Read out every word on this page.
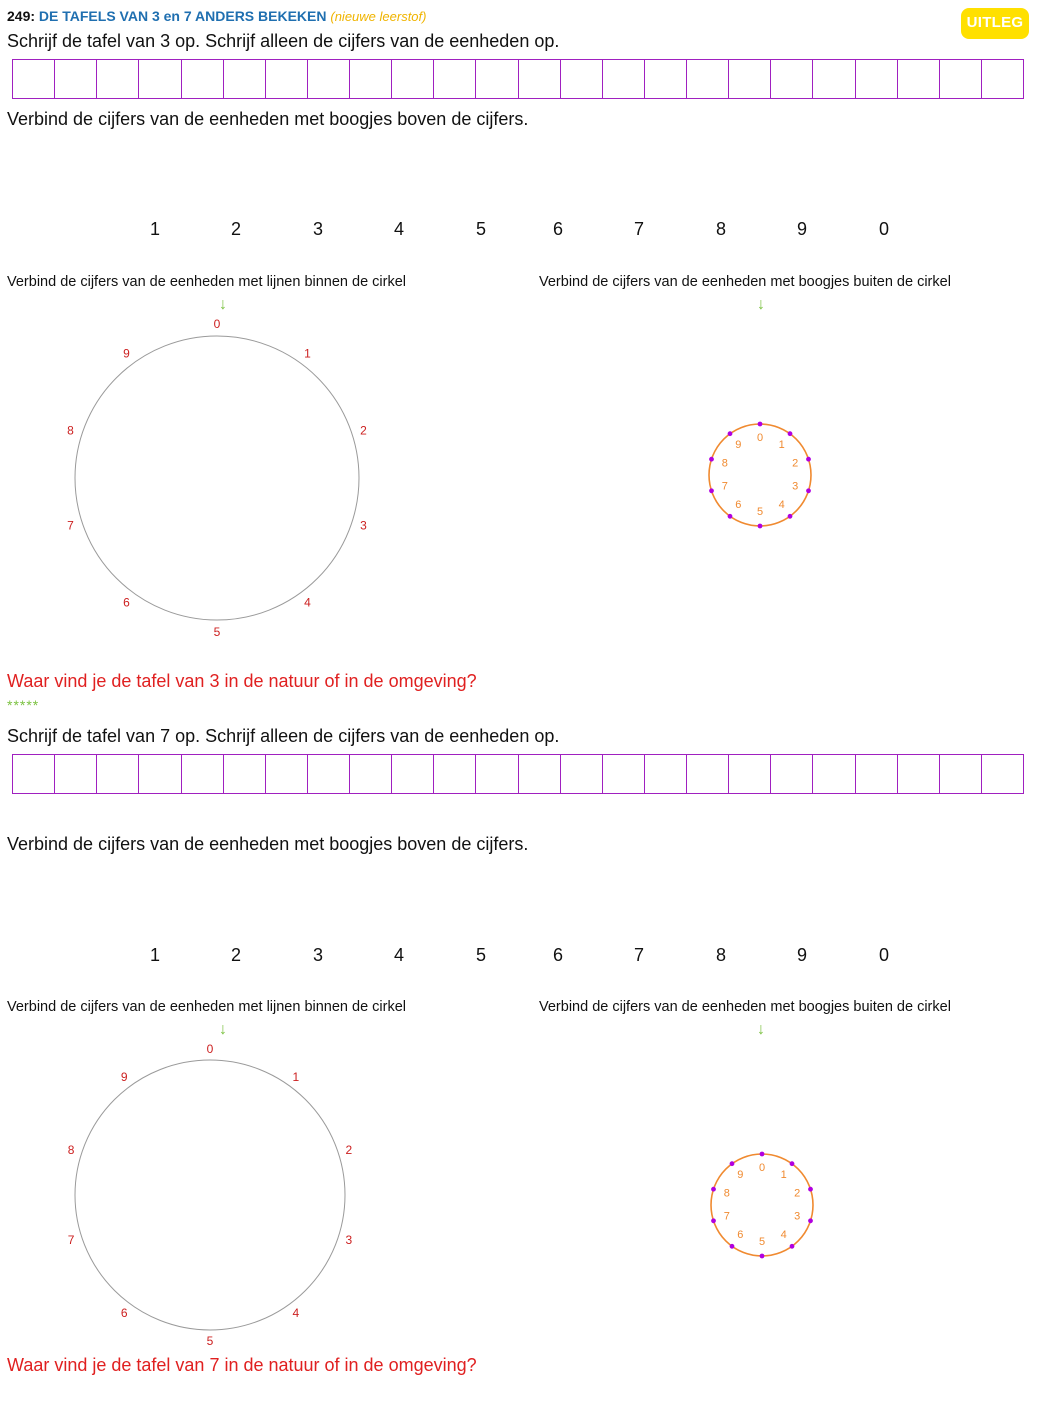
249: DE TAFELS VAN 3 en 7 ANDERS BEKEKEN (nieuwe leerstof)	UITLEG
Schrijf de tafel van 3 op. Schrijf alleen de cijfers van de eenheden op.
Verbind de cijfers van de eenheden met boogjes boven de cijfers.
Verbind de cijfers van de eenheden met lijnen binnen de cirkel	Verbind de cijfers van de eenheden met boogjes buiten de cirkel
↓	↓
0
1
2
3
4
5
6
7
8
9
0
1
2
3
4
5
6
7
8
9
Waar vind je de tafel van 3 in de natuur of in de omgeving?
*****
Schrijf de tafel van 7 op. Schrijf alleen de cijfers van de eenheden op.
Verbind de cijfers van de eenheden met boogjes boven de cijfers.
Verbind de cijfers van de eenheden met lijnen binnen de cirkel	Verbind de cijfers van de eenheden met boogjes buiten de cirkel
↓	↓
0
1
2
3
4
5
6
7
8
9
0
1
2
3
4
5
6
7
8
9
Waar vind je de tafel van 7 in de natuur of in de omgeving?
1	2	3	4	5	6	7	8	9	0
1	2	3	4	5	6	7	8	9	0
